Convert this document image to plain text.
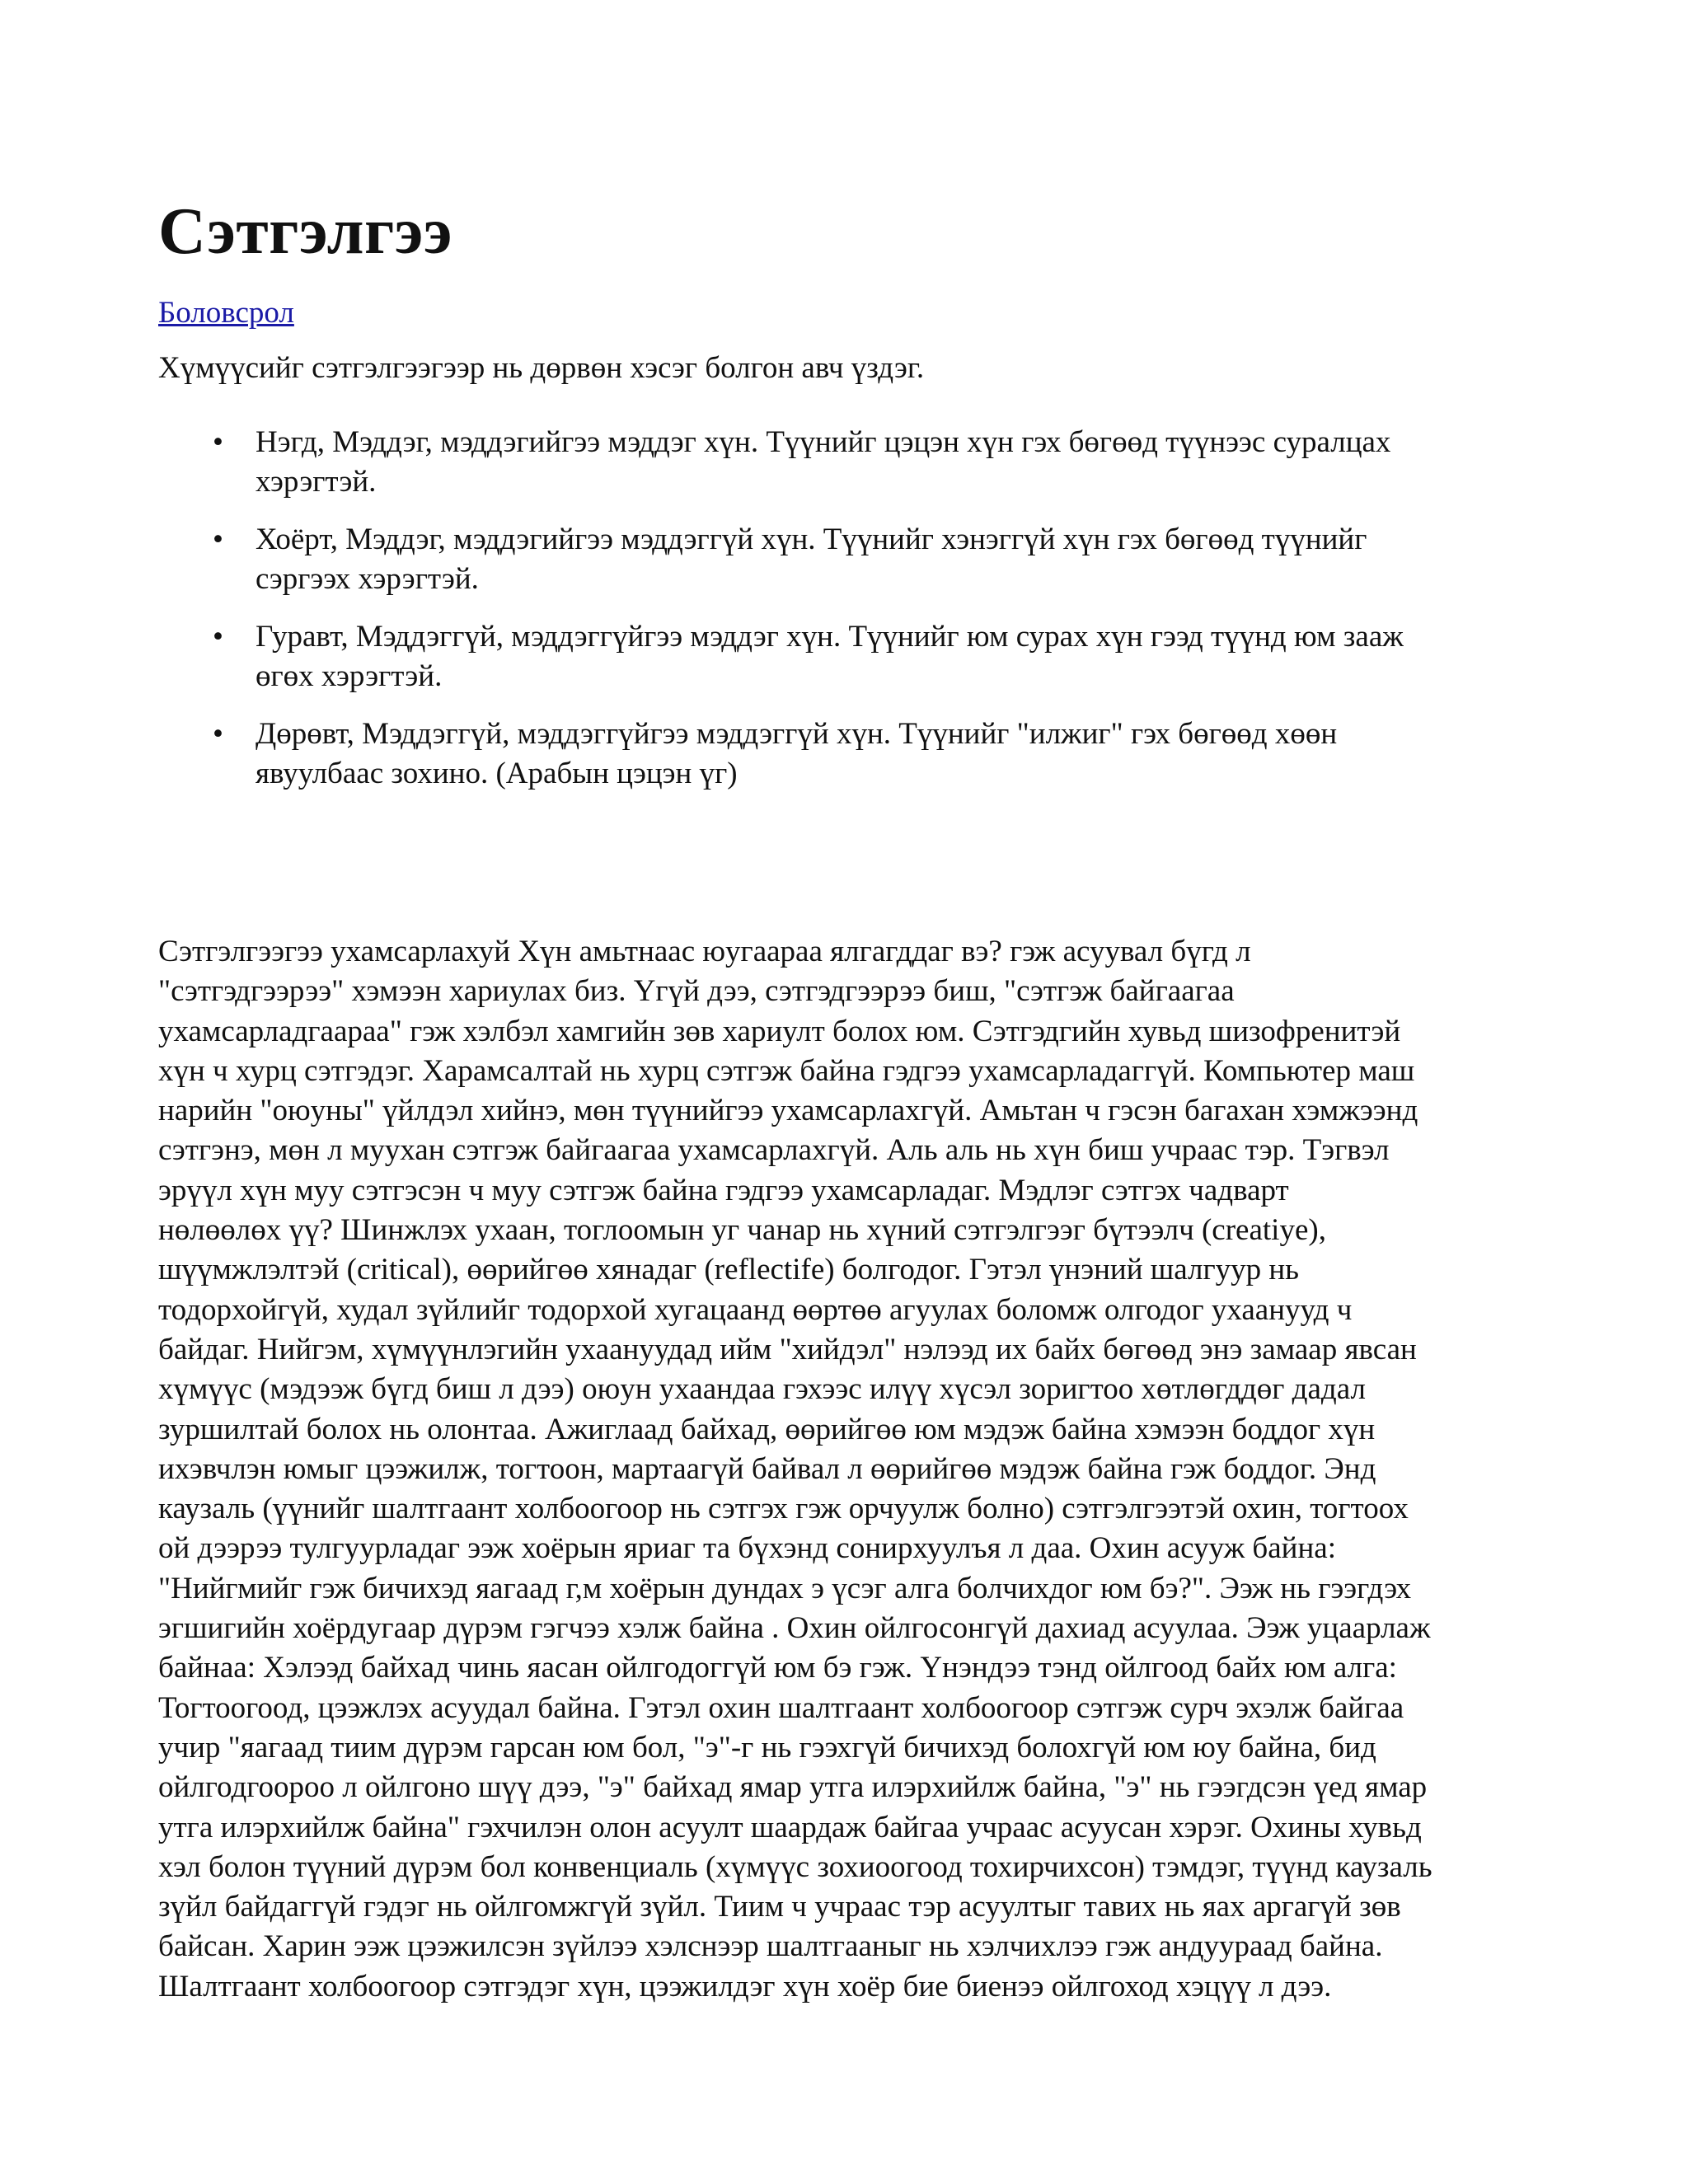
Сэтгэлгээ
Боловсрол

Хүмүүсийг сэтгэлгээгээр нь дөрвөн хэсэг болгон авч үздэг.

• Нэгд, Мэддэг, мэддэгийгээ мэддэг хүн. Түүнийг цэцэн хүн гэх бөгөөд түүнээс суралцах
хэрэгтэй.
• Хоёрт, Мэддэг, мэддэгийгээ мэддэггүй хүн. Түүнийг хэнэггүй хүн гэх бөгөөд түүнийг
сэргээх хэрэгтэй.
• Гуравт, Мэддэггүй, мэддэггүйгээ мэддэг хүн. Түүнийг юм сурах хүн гээд түүнд юм зааж
өгөх хэрэгтэй.
• Дөрөвт, Мэддэггүй, мэддэггүйгээ мэддэггүй хүн. Түүнийг "илжиг" гэх бөгөөд хөөн
явуулбаас зохино. (Арабын цэцэн үг)
Сэтгэлгээгээ ухамсарлахуй Хүн амьтнаас юугаараа ялгагддаг вэ? гэж асуувал бүгд л
"сэтгэдгээрээ" хэмээн хариулах биз. Үгүй дээ, сэтгэдгээрээ биш, "сэтгэж байгаагаа
ухамсарладгаараа" гэж хэлбэл хамгийн зөв хариулт болох юм. Сэтгэдгийн хувьд шизофренитэй
хүн ч хурц сэтгэдэг. Харамсалтай нь хурц сэтгэж байна гэдгээ ухамсарладаггүй. Компьютер маш
нарийн "оюуны" үйлдэл хийнэ, мөн түүнийгээ ухамсарлахгүй. Амьтан ч гэсэн багахан хэмжээнд
сэтгэнэ, мөн л муухан сэтгэж байгаагаа ухамсарлахгүй. Аль аль нь хүн биш учраас тэр. Тэгвэл
эрүүл хүн муу сэтгэсэн ч муу сэтгэж байна гэдгээ ухамсарладаг. Мэдлэг сэтгэх чадварт
нөлөөлөх үү? Шинжлэх ухаан, тоглоомын уг чанар нь хүний сэтгэлгээг бүтээлч (creatiye),
шүүмжлэлтэй (critical), өөрийгөө хянадаг (reflectife) болгодог. Гэтэл үнэний шалгуур нь
тодорхойгүй, худал зүйлийг тодорхой хугацаанд өөртөө агуулах боломж олгодог ухаанууд ч
байдаг. Нийгэм, хүмүүнлэгийн ухаануудад ийм "хийдэл" нэлээд их байх бөгөөд энэ замаар явсан
хүмүүс (мэдээж бүгд биш л дээ) оюун ухаандаа гэхээс илүү хүсэл зоригтоо хөтлөгддөг дадал
зуршилтай болох нь олонтаа. Ажиглаад байхад, өөрийгөө юм мэдэж байна хэмээн боддог хүн
ихэвчлэн юмыг цээжилж, тогтоон, мартаагүй байвал л өөрийгөө мэдэж байна гэж боддог. Энд
каузаль (үүнийг шалтгаант холбоогоор нь сэтгэх гэж орчуулж болно) сэтгэлгээтэй охин, тогтоох
ой дээрээ тулгуурладаг ээж хоёрын яриаг та бүхэнд сонирхуулъя л даа. Охин асууж байна:
"Нийгмийг гэж бичихэд яагаад г,м хоёрын дундах э үсэг алга болчихдог юм бэ?". Ээж нь гээгдэх
эгшигийн хоёрдугаар дүрэм гэгчээ хэлж байна . Охин ойлгосонгүй дахиад асуулаа. Ээж уцаарлаж
байнаа: Хэлээд байхад чинь яасан ойлгодоггүй юм бэ гэж. Үнэндээ тэнд ойлгоод байх юм алга:
Тогтоогоод, цээжлэх асуудал байна. Гэтэл охин шалтгаант холбоогоор сэтгэж сурч эхэлж байгаа
учир "яагаад тиим дүрэм гарсан юм бол, "э"-г нь гээхгүй бичихэд болохгүй юм юу байна, бид
ойлгодгоороо л ойлгоно шүү дээ, "э" байхад ямар утга илэрхийлж байна, "э" нь гээгдсэн үед ямар
утга илэрхийлж байна" гэхчилэн олон асуулт шаардаж байгаа учраас асуусан хэрэг. Охины хувьд
хэл болон түүний дүрэм бол конвенциаль (хүмүүс зохиоогоод тохирчихсон) тэмдэг, түүнд каузаль
зүйл байдаггүй гэдэг нь ойлгомжгүй зүйл. Тиим ч учраас тэр асуултыг тавих нь яах аргагүй зөв
байсан. Харин ээж цээжилсэн зүйлээ хэлснээр шалтгааныг нь хэлчихлээ гэж андуураад байна.
Шалтгаант холбоогоор сэтгэдэг хүн, цээжилдэг хүн хоёр бие биенээ ойлгоход хэцүү л дээ.
